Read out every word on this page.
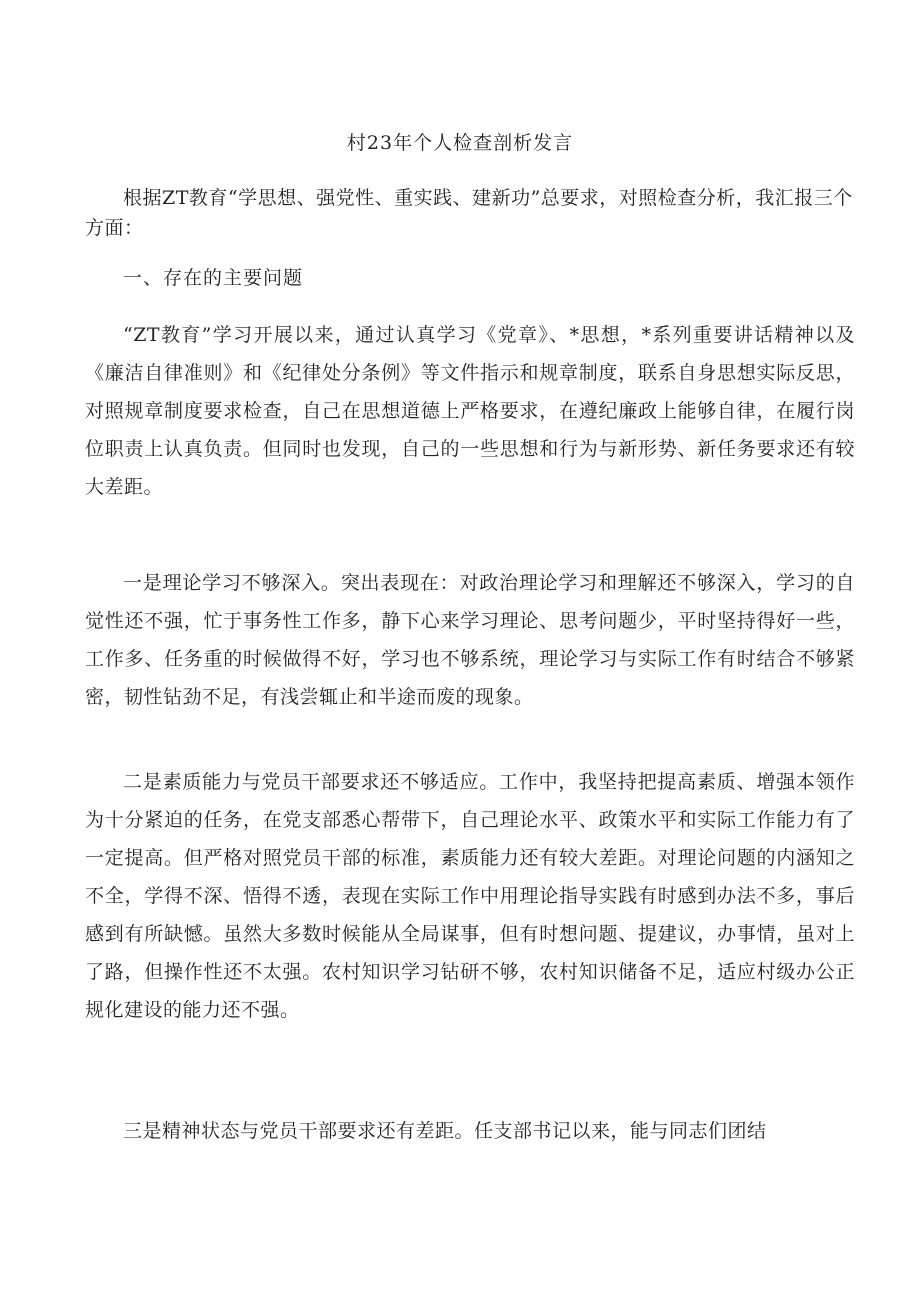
村23年个人检查剖析发言

根据ZT教育“学思想、强党性、重实践、建新功”总要求，对照检查分析，我汇报三个方面：

一、存在的主要问题

“ZT教育”学习开展以来，通过认真学习《党章》、*思想，*系列重要讲话精神以及《廉洁自律准则》和《纪律处分条例》等文件指示和规章制度，联系自身思想实际反思，对照规章制度要求检查，自己在思想道德上严格要求，在遵纪廉政上能够自律，在履行岗位职责上认真负责。但同时也发现，自己的一些思想和行为与新形势、新任务要求还有较大差距。

一是理论学习不够深入。突出表现在：对政治理论学习和理解还不够深入，学习的自觉性还不强，忙于事务性工作多，静下心来学习理论、思考问题少，平时坚持得好一些，工作多、任务重的时候做得不好，学习也不够系统，理论学习与实际工作有时结合不够紧密，韧性钻劲不足，有浅尝辄止和半途而废的现象。

二是素质能力与党员干部要求还不够适应。工作中，我坚持把提高素质、增强本领作为十分紧迫的任务，在党支部悉心帮带下，自己理论水平、政策水平和实际工作能力有了一定提高。但严格对照党员干部的标准，素质能力还有较大差距。对理论问题的内涵知之不全，学得不深、悟得不透，表现在实际工作中用理论指导实践有时感到办法不多，事后感到有所缺憾。虽然大多数时候能从全局谋事，但有时想问题、提建议，办事情，虽对上了路，但操作性还不太强。农村知识学习钻研不够，农村知识储备不足，适应村级办公正规化建设的能力还不强。

三是精神状态与党员干部要求还有差距。任支部书记以来，能与同志们团结
